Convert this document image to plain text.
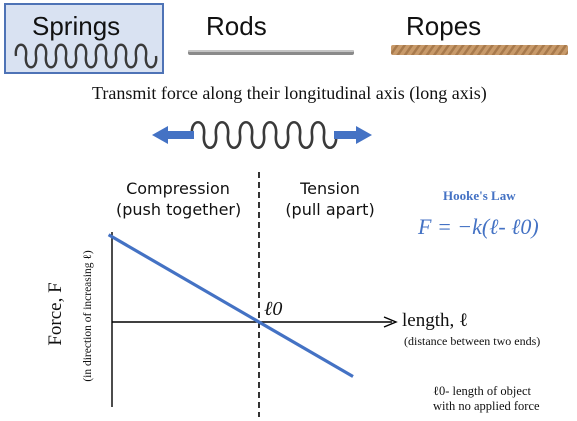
Springs	Rods	Ropes
Transmit force along their longitudinal axis (long axis)
Compression
(push together)
Tension
(pull apart)
Hooke's Law
F = −k(ℓ- ℓ0)
ℓ0
length, ℓ
(distance between two ends)
Force, F (in direction of increasing ℓ)
ℓ0- length of object
with no applied force
